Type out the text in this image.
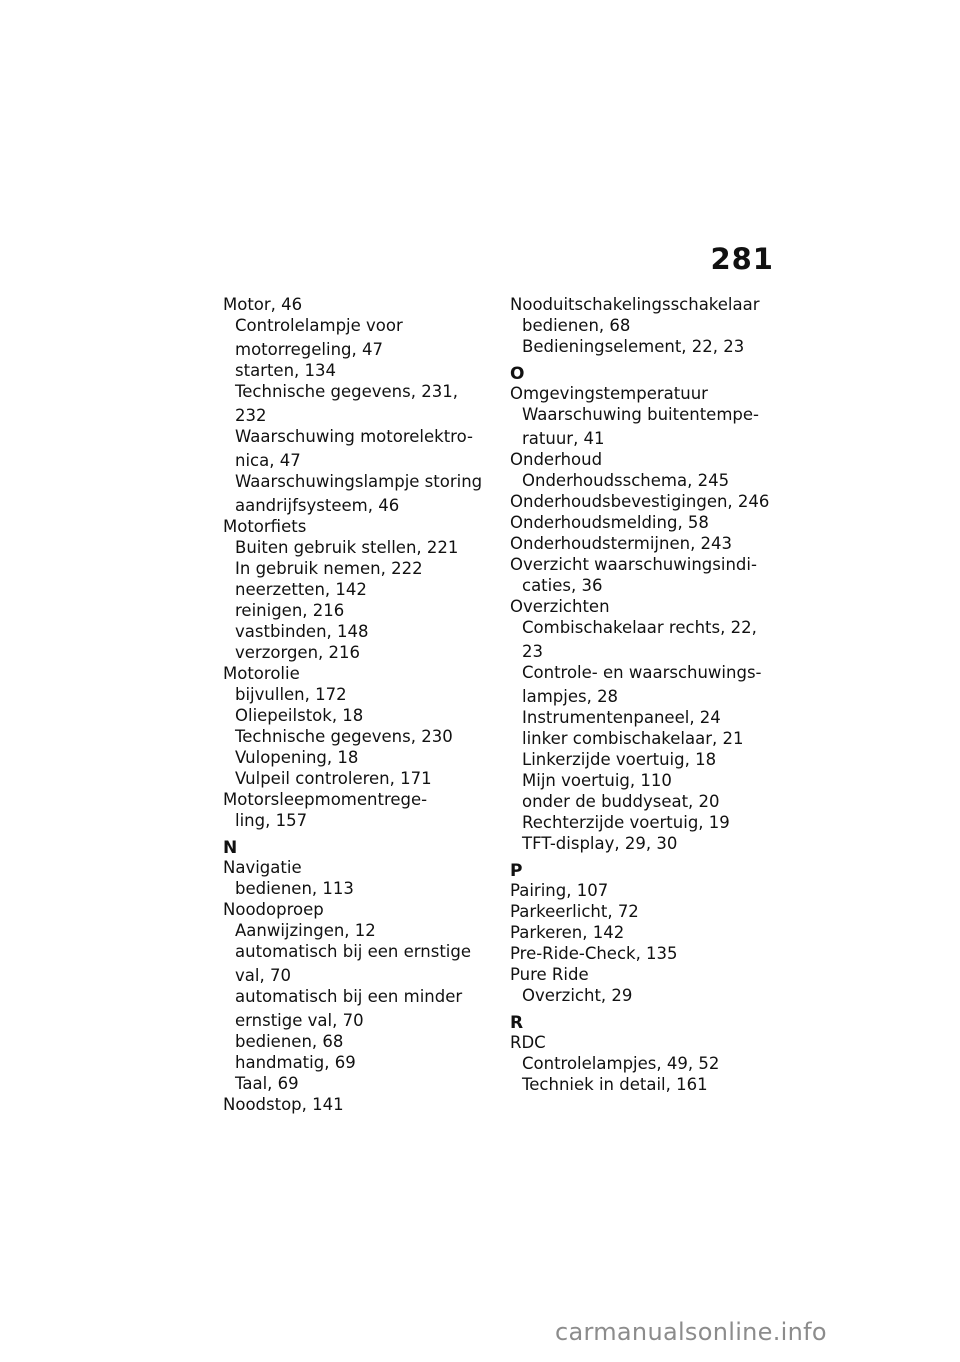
281
Motor, 46
Controlelampje voor
motorregeling, 47
starten, 134
Technische gegevens, 231,
232
Waarschuwing motorelektro-
nica, 47
Waarschuwingslampje storing
aandrijfsysteem, 46
Motorfiets
Buiten gebruik stellen, 221
In gebruik nemen, 222
neerzetten, 142
reinigen, 216
vastbinden, 148
verzorgen, 216
Motorolie
bijvullen, 172
Oliepeilstok, 18
Technische gegevens, 230
Vulopening, 18
Vulpeil controleren, 171
Motorsleepmomentrege-
ling, 157
N
Navigatie
bedienen, 113
Noodoproep
Aanwijzingen, 12
automatisch bij een ernstige
val, 70
automatisch bij een minder
ernstige val, 70
bedienen, 68
handmatig, 69
Taal, 69
Noodstop, 141
Nooduitschakelingsschakelaar
bedienen, 68
Bedieningselement, 22, 23
O
Omgevingstemperatuur
Waarschuwing buitentempe-
ratuur, 41
Onderhoud
Onderhoudsschema, 245
Onderhoudsbevestigingen, 246
Onderhoudsmelding, 58
Onderhoudstermijnen, 243
Overzicht waarschuwingsindi-
caties, 36
Overzichten
Combischakelaar rechts, 22,
23
Controle- en waarschuwings-
lampjes, 28
Instrumentenpaneel, 24
linker combischakelaar, 21
Linkerzijde voertuig, 18
Mijn voertuig, 110
onder de buddyseat, 20
Rechterzijde voertuig, 19
TFT-display, 29, 30
P
Pairing, 107
Parkeerlicht, 72
Parkeren, 142
Pre-Ride-Check, 135
Pure Ride
Overzicht, 29
R
RDC
Controlelampjes, 49, 52
Techniek in detail, 161
carmanualsonline.info
